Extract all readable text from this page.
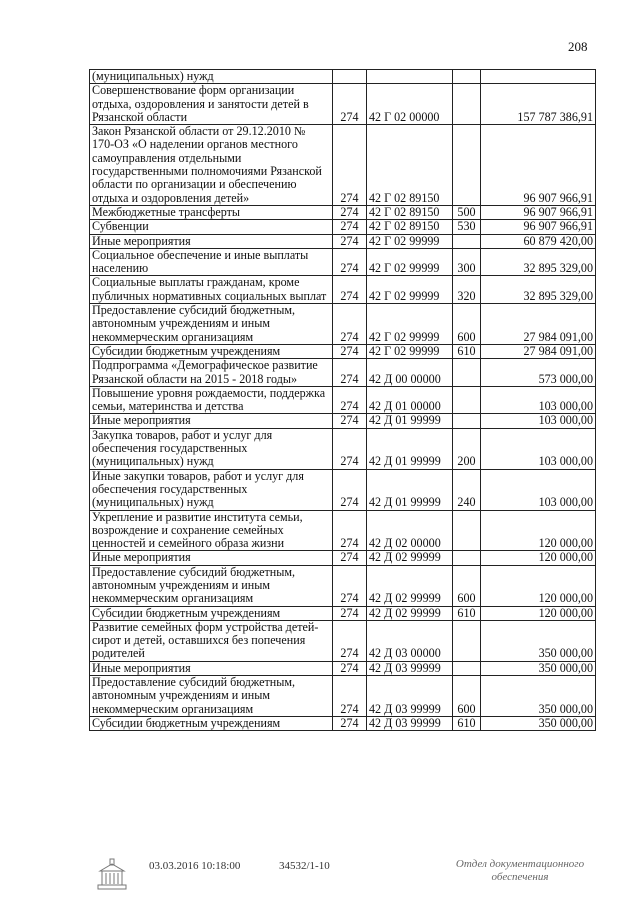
208
(муниципальных) нужд				
Совершенствование форм организации отдыха, оздоровления и занятости детей в Рязанской области	274	42 Г 02 00000		157 787 386,91
Закон Рязанской области от 29.12.2010 № 170-ОЗ «О наделении органов местного самоуправления отдельными государственными полномочиями Рязанской области по организации и обеспечению отдыха и оздоровления детей»	274	42 Г 02 89150		96 907 966,91
Межбюджетные трансферты	274	42 Г 02 89150	500	96 907 966,91
Субвенции	274	42 Г 02 89150	530	96 907 966,91
Иные мероприятия	274	42 Г 02 99999		60 879 420,00
Социальное обеспечение и иные выплаты населению	274	42 Г 02 99999	300	32 895 329,00
Социальные выплаты гражданам, кроме публичных нормативных социальных выплат	274	42 Г 02 99999	320	32 895 329,00
Предоставление субсидий бюджетным, автономным учреждениям и иным некоммерческим организациям	274	42 Г 02 99999	600	27 984 091,00
Субсидии бюджетным учреждениям	274	42 Г 02 99999	610	27 984 091,00
Подпрограмма «Демографическое развитие Рязанской области на 2015 - 2018 годы»	274	42 Д 00 00000		573 000,00
Повышение уровня рождаемости, поддержка семьи, материнства и детства	274	42 Д 01 00000		103 000,00
Иные мероприятия	274	42 Д 01 99999		103 000,00
Закупка товаров, работ и услуг для обеспечения государственных (муниципальных) нужд	274	42 Д 01 99999	200	103 000,00
Иные закупки товаров, работ и услуг для обеспечения государственных (муниципальных) нужд	274	42 Д 01 99999	240	103 000,00
Укрепление и развитие института семьи, возрождение и сохранение семейных ценностей и семейного образа жизни	274	42 Д 02 00000		120 000,00
Иные мероприятия	274	42 Д 02 99999		120 000,00
Предоставление субсидий бюджетным, автономным учреждениям и иным некоммерческим организациям	274	42 Д 02 99999	600	120 000,00
Субсидии бюджетным учреждениям	274	42 Д 02 99999	610	120 000,00
Развитие семейных форм устройства детей-сирот и детей, оставшихся без попечения родителей	274	42 Д 03 00000		350 000,00
Иные мероприятия	274	42 Д 03 99999		350 000,00
Предоставление субсидий бюджетным, автономным учреждениям и иным некоммерческим организациям	274	42 Д 03 99999	600	350 000,00
Субсидии бюджетным учреждениям	274	42 Д 03 99999	610	350 000,00
03.03.2016 10:18:00	34532/1-10	Отдел документационного
обеспечения
